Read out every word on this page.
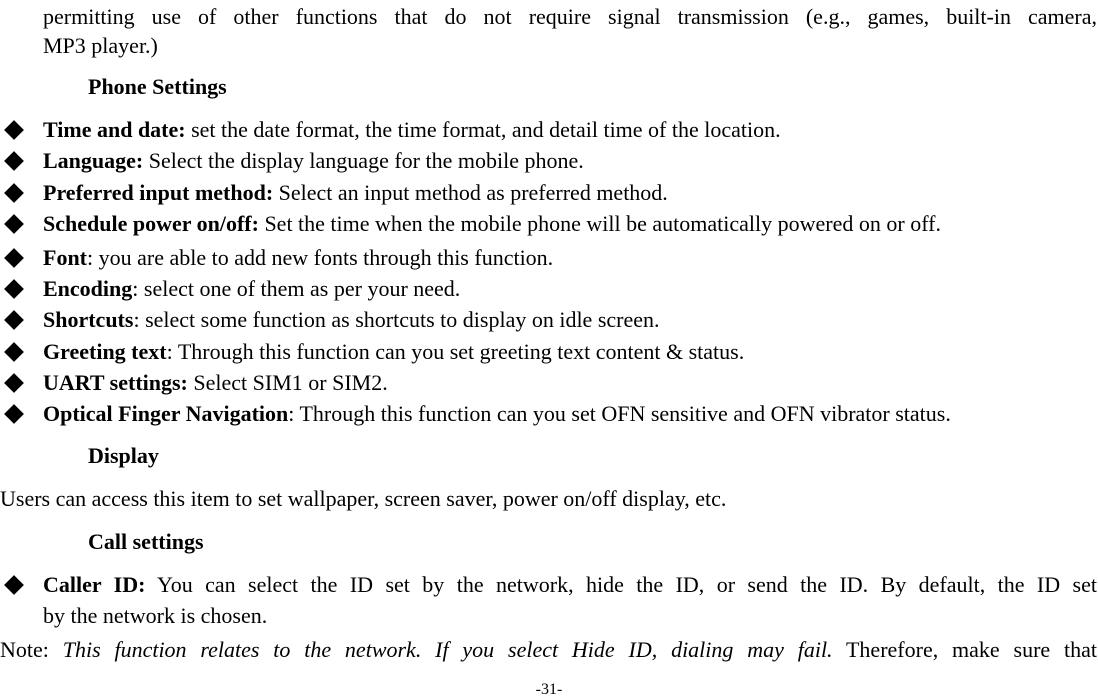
permitting use of other functions that do not require signal transmission (e.g., games, built-in camera,
MP3 player.)
Phone Settings
Time and date: set the date format, the time format, and detail time of the location.
Language: Select the display language for the mobile phone.
Preferred input method: Select an input method as preferred method.
Schedule power on/off: Set the time when the mobile phone will be automatically powered on or off.
Font: you are able to add new fonts through this function.
Encoding: select one of them as per your need.
Shortcuts: select some function as shortcuts to display on idle screen.
Greeting text: Through this function can you set greeting text content & status.
UART settings: Select SIM1 or SIM2.
Optical Finger Navigation: Through this function can you set OFN sensitive and OFN vibrator status.
Display
Users can access this item to set wallpaper, screen saver, power on/off display, etc.
Call settings
Caller ID: You can select the ID set by the network, hide the ID, or send the ID. By default, the ID set
by the network is chosen.
Note: This function relates to the network. If you select Hide ID, dialing may fail. Therefore, make sure that
-31-
